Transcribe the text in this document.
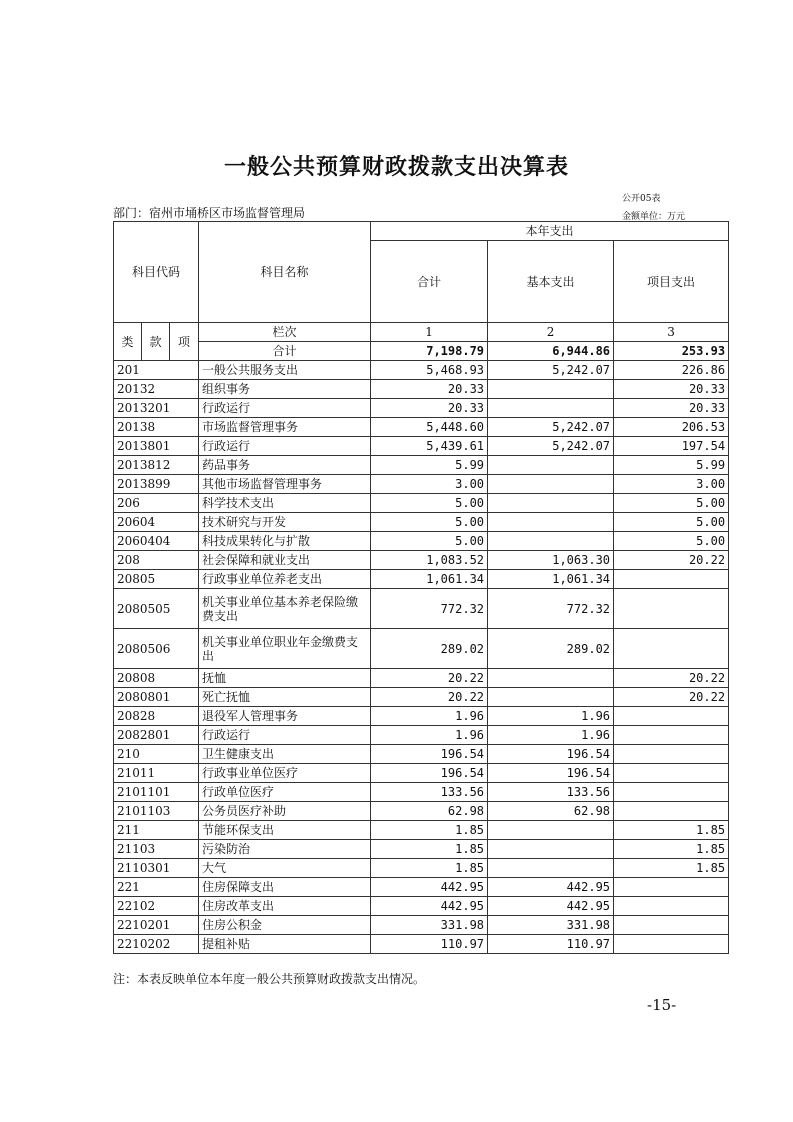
一般公共预算财政拨款支出决算表
公开05表
部门：宿州市埇桥区市场监督管理局	金额单位：万元
科目代码			科目名称	本年支出		
				合计	基本支出	项目支出
类	款	项	栏次	1	2	3
			合计	7,198.79	6,944.86	253.93
201			一般公共服务支出	5,468.93	5,242.07	226.86
20132			组织事务	20.33		20.33
2013201			行政运行	20.33		20.33
20138			市场监督管理事务	5,448.60	5,242.07	206.53
2013801			行政运行	5,439.61	5,242.07	197.54
2013812			药品事务	5.99		5.99
2013899			其他市场监督管理事务	3.00		3.00
206			科学技术支出	5.00		5.00
20604			技术研究与开发	5.00		5.00
2060404			科技成果转化与扩散	5.00		5.00
208			社会保障和就业支出	1,083.52	1,063.30	20.22
20805			行政事业单位养老支出	1,061.34	1,061.34	
2080505			机关事业单位基本养老保险缴费支出	772.32	772.32	
2080506			机关事业单位职业年金缴费支出	289.02	289.02	
20808			抚恤	20.22		20.22
2080801			死亡抚恤	20.22		20.22
20828			退役军人管理事务	1.96	1.96	
2082801			行政运行	1.96	1.96	
210			卫生健康支出	196.54	196.54	
21011			行政事业单位医疗	196.54	196.54	
2101101			行政单位医疗	133.56	133.56	
2101103			公务员医疗补助	62.98	62.98	
211			节能环保支出	1.85		1.85
21103			污染防治	1.85		1.85
2110301			大气	1.85		1.85
221			住房保障支出	442.95	442.95	
22102			住房改革支出	442.95	442.95	
2210201			住房公积金	331.98	331.98	
2210202			提租补贴	110.97	110.97	
注：本表反映单位本年度一般公共预算财政拨款支出情况。
-15-
